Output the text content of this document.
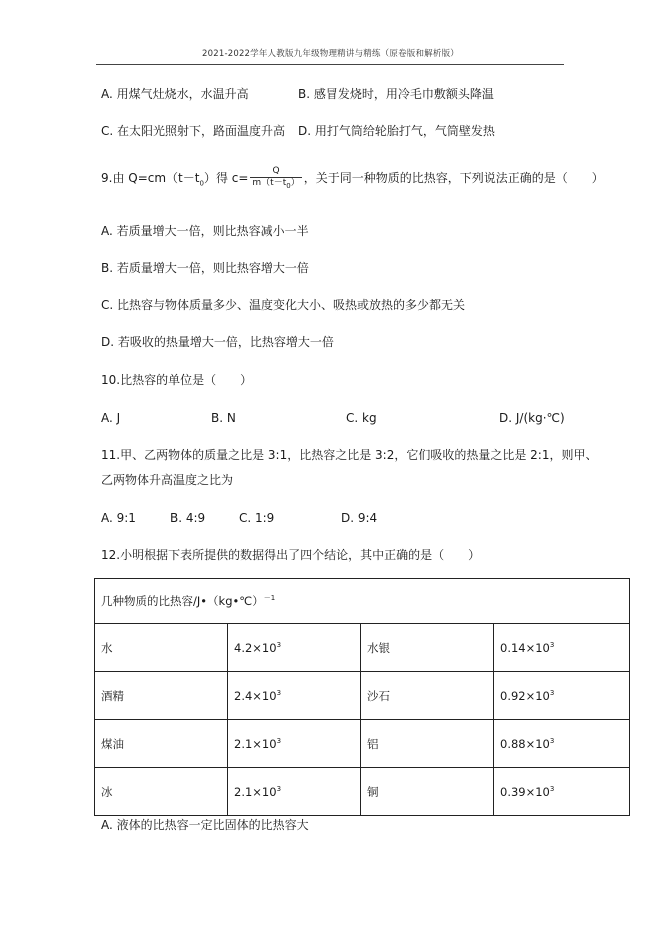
2021-2022学年人教版九年级物理精讲与精练（原卷版和解析版）
A. 用煤气灶烧水，水温升高	B. 感冒发烧时，用冷毛巾敷额头降温
C. 在太阳光照射下，路面温度升高 D. 用打气筒给轮胎打气，气筒壁发热
9.由 $Q=cm(t-t_0)$得 $c= \frac{Q}{m(t-t_0)}$ ，关于同一种物质的比热容，下列说法正确的是（　　）
A. 若质量增大一倍，则比热容减小一半
B. 若质量增大一倍，则比热容增大一倍
C. 比热容与物体质量多少、温度变化大小、吸热或放热的多少都无关
D. 若吸收的热量增大一倍，比热容增大一倍
10.比热容的单位是（　　）
A. J	B. N	C. kg	D. J/(kg·℃)
11.甲、乙两物体的质量之比是 3:1，比热容之比是 3:2，它们吸收的热量之比是 2:1，则甲、
乙两物体升高温度之比为
A. 9:1	B. 4:9	C. 1:9	D. 9:4
12.小明根据下表所提供的数据得出了四个结论，其中正确的是（　　）
几种物质的比热容/J•（kg•℃）$^{-1}$
水	$4.2\times 10^3$	水银	$0.14\times 10^3$
酒精	$2.4\times 10^3$	沙石	$0.92\times 10^3$
煤油	$2.1\times 10^3$	铝	$0.88\times 10^3$
冰	$2.1\times 10^3$	铜	$0.39\times 10^3$
A. 液体的比热容一定比固体的比热容大
